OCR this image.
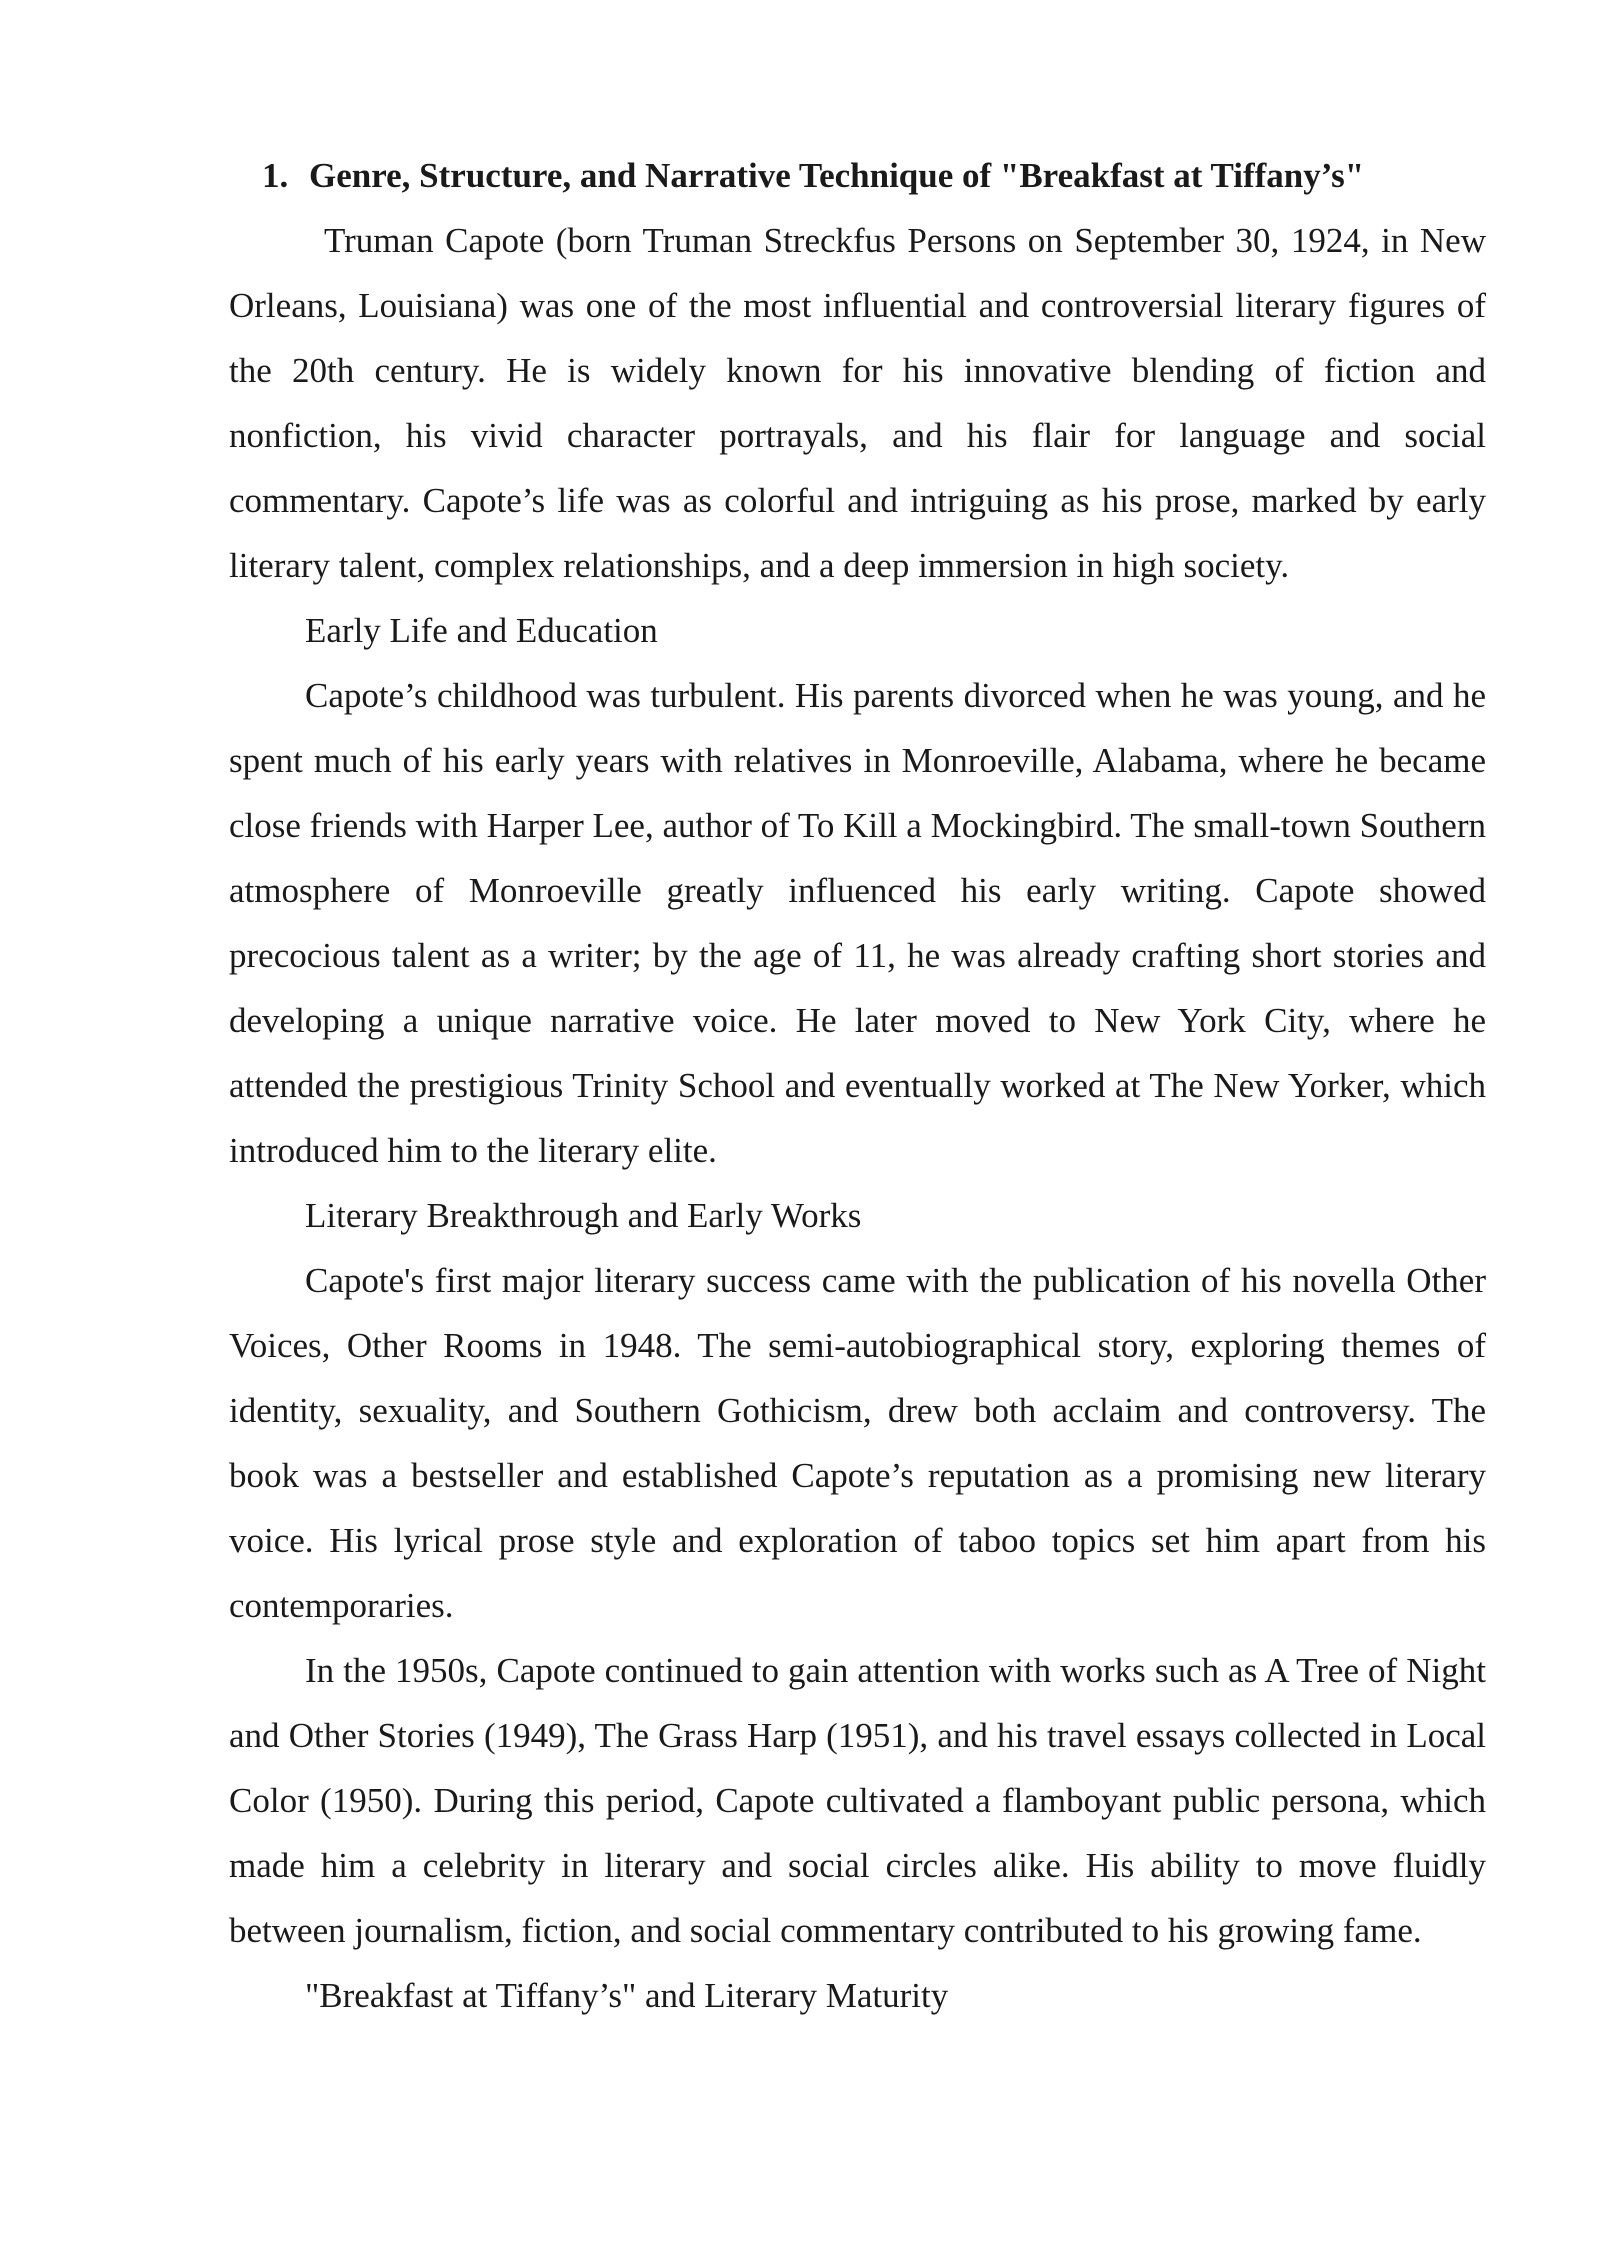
1. Genre, Structure, and Narrative Technique of "Breakfast at Tiffany’s"

Truman Capote (born Truman Streckfus Persons on September 30, 1924, in New Orleans, Louisiana) was one of the most influential and controversial literary figures of the 20th century. He is widely known for his innovative blending of fiction and nonfiction, his vivid character portrayals, and his flair for language and social commentary. Capote’s life was as colorful and intriguing as his prose, marked by early literary talent, complex relationships, and a deep immersion in high society.

Early Life and Education

Capote’s childhood was turbulent. His parents divorced when he was young, and he spent much of his early years with relatives in Monroeville, Alabama, where he became close friends with Harper Lee, author of To Kill a Mockingbird. The small-town Southern atmosphere of Monroeville greatly influenced his early writing. Capote showed precocious talent as a writer; by the age of 11, he was already crafting short stories and developing a unique narrative voice. He later moved to New York City, where he attended the prestigious Trinity School and eventually worked at The New Yorker, which introduced him to the literary elite.

Literary Breakthrough and Early Works

Capote's first major literary success came with the publication of his novella Other Voices, Other Rooms in 1948. The semi-autobiographical story, exploring themes of identity, sexuality, and Southern Gothicism, drew both acclaim and controversy. The book was a bestseller and established Capote’s reputation as a promising new literary voice. His lyrical prose style and exploration of taboo topics set him apart from his contemporaries.

In the 1950s, Capote continued to gain attention with works such as A Tree of Night and Other Stories (1949), The Grass Harp (1951), and his travel essays collected in Local Color (1950). During this period, Capote cultivated a flamboyant public persona, which made him a celebrity in literary and social circles alike. His ability to move fluidly between journalism, fiction, and social commentary contributed to his growing fame.

"Breakfast at Tiffany’s" and Literary Maturity
